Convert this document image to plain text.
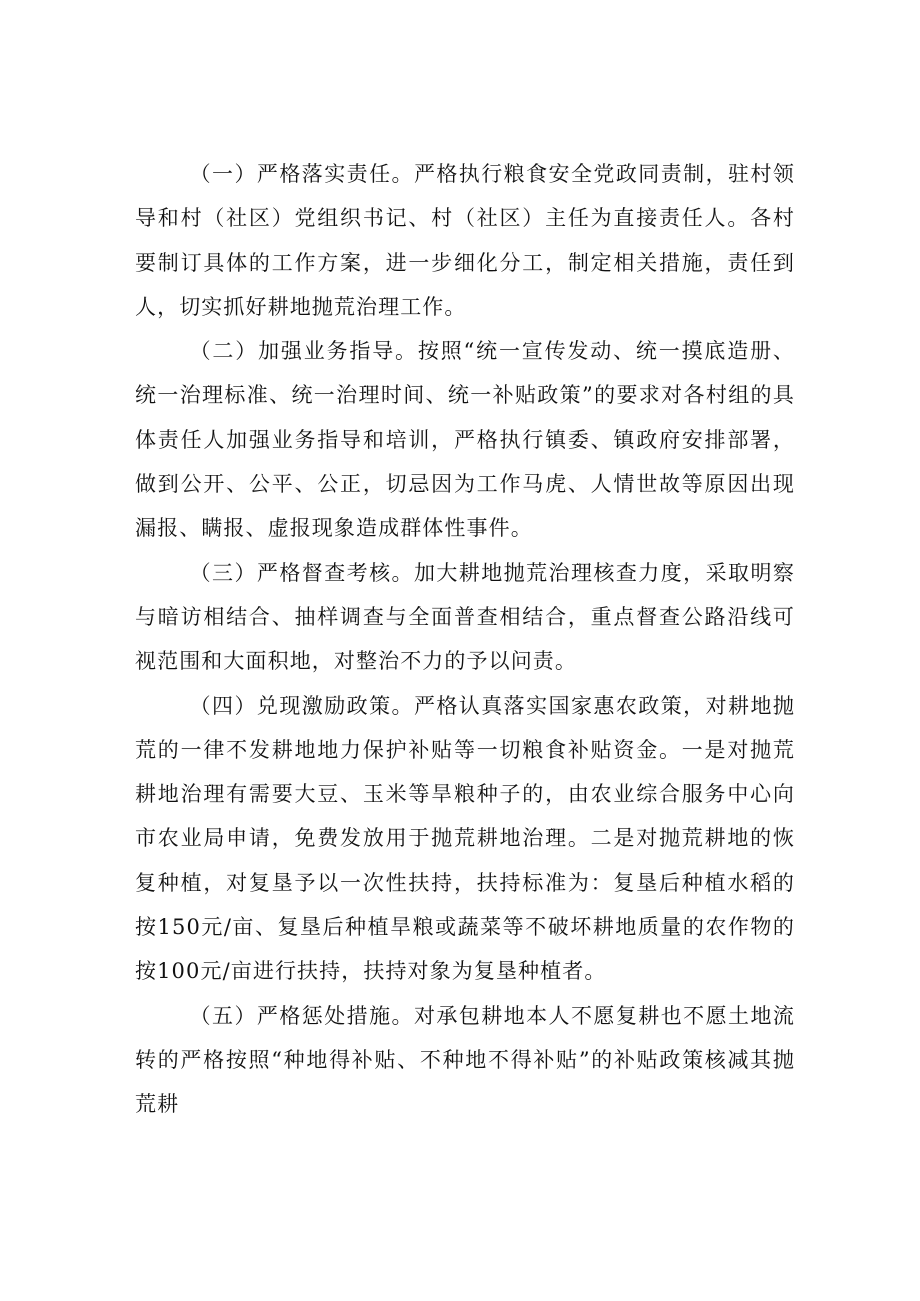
（一）严格落实责任。严格执行粮食安全党政同责制，驻村领导和村（社区）党组织书记、村（社区）主任为直接责任人。各村要制订具体的工作方案，进一步细化分工，制定相关措施，责任到人，切实抓好耕地抛荒治理工作。

（二）加强业务指导。按照“统一宣传发动、统一摸底造册、统一治理标准、统一治理时间、统一补贴政策”的要求对各村组的具体责任人加强业务指导和培训，严格执行镇委、镇政府安排部署，做到公开、公平、公正，切忌因为工作马虎、人情世故等原因出现漏报、瞒报、虚报现象造成群体性事件。

（三）严格督查考核。加大耕地抛荒治理核查力度，采取明察与暗访相结合、抽样调查与全面普查相结合，重点督查公路沿线可视范围和大面积地，对整治不力的予以问责。

（四）兑现激励政策。严格认真落实国家惠农政策，对耕地抛荒的一律不发耕地地力保护补贴等一切粮食补贴资金。一是对抛荒耕地治理有需要大豆、玉米等旱粮种子的，由农业综合服务中心向市农业局申请，免费发放用于抛荒耕地治理。二是对抛荒耕地的恢复种植，对复垦予以一次性扶持，扶持标准为：复垦后种植水稻的按150元/亩、复垦后种植旱粮或蔬菜等不破坏耕地质量的农作物的按100元/亩进行扶持，扶持对象为复垦种植者。

（五）严格惩处措施。对承包耕地本人不愿复耕也不愿土地流转的严格按照“种地得补贴、不种地不得补贴”的补贴政策核减其抛荒耕
